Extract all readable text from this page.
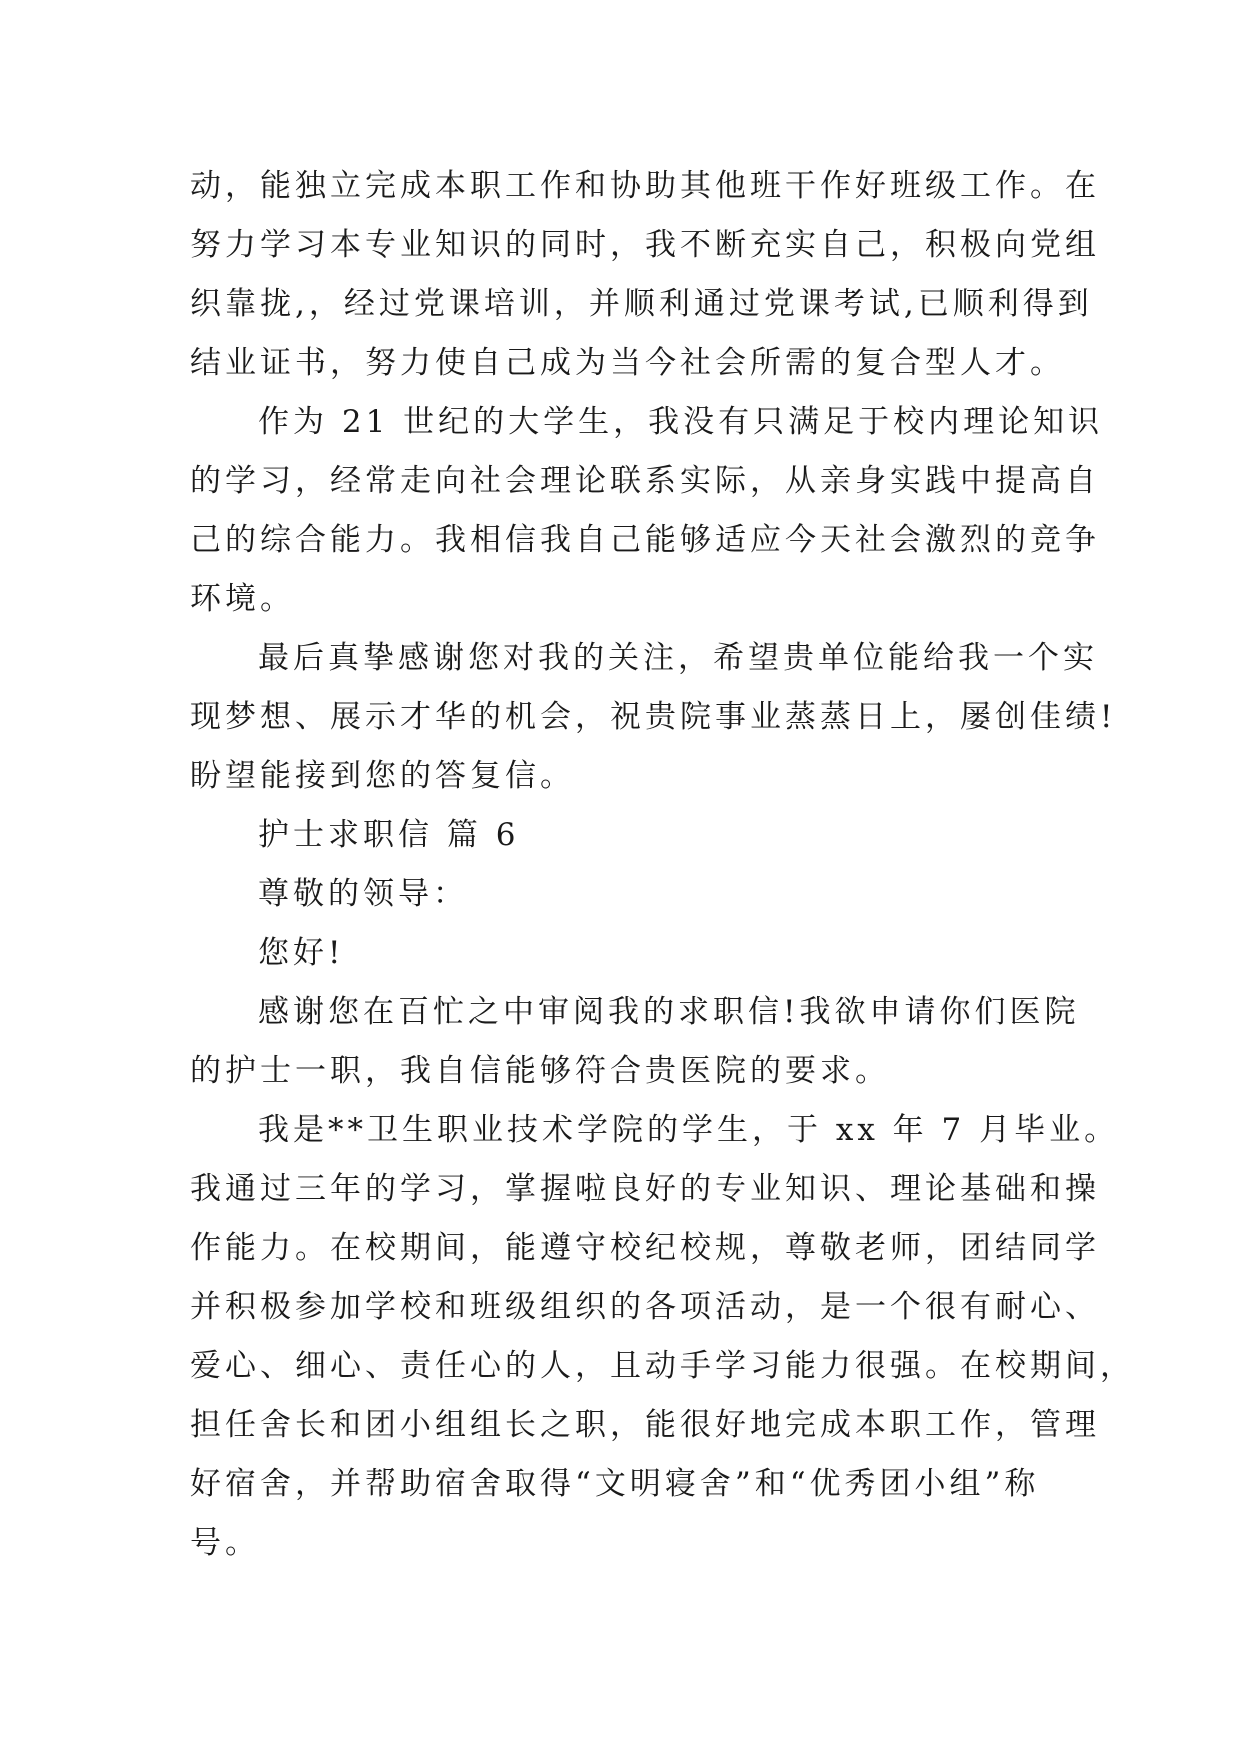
动，能独立完成本职工作和协助其他班干作好班级工作。在
努力学习本专业知识的同时，我不断充实自己，积极向党组
织靠拢,，经过党课培训，并顺利通过党课考试,已顺利得到
结业证书，努力使自己成为当今社会所需的复合型人才。
作为 21 世纪的大学生，我没有只满足于校内理论知识
的学习，经常走向社会理论联系实际，从亲身实践中提高自
己的综合能力。我相信我自己能够适应今天社会激烈的竞争
环境。
最后真挚感谢您对我的关注，希望贵单位能给我一个实
现梦想、展示才华的机会，祝贵院事业蒸蒸日上，屡创佳绩!
盼望能接到您的答复信。
护士求职信 篇 6
尊敬的领导：
您好!
感谢您在百忙之中审阅我的求职信!我欲申请你们医院
的护士一职，我自信能够符合贵医院的要求。
我是**卫生职业技术学院的学生，于 xx 年 7 月毕业。
我通过三年的学习，掌握啦良好的专业知识、理论基础和操
作能力。在校期间，能遵守校纪校规，尊敬老师，团结同学
并积极参加学校和班级组织的各项活动，是一个很有耐心、
爱心、细心、责任心的人，且动手学习能力很强。在校期间，
担任舍长和团小组组长之职，能很好地完成本职工作，管理
好宿舍，并帮助宿舍取得“文明寝舍”和“优秀团小组”称
号。
